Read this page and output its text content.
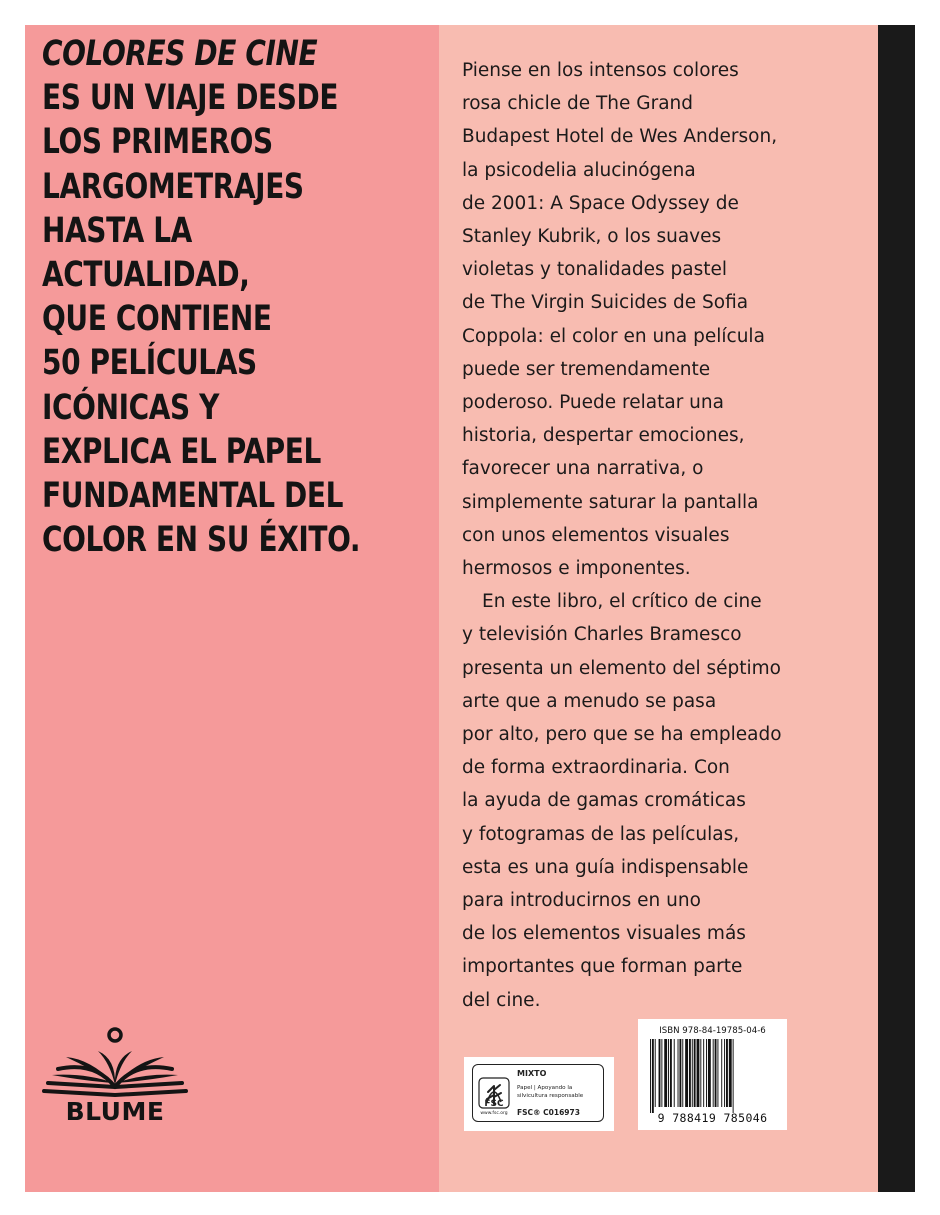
COLORES DE CINE
ES UN VIAJE DESDE
LOS PRIMEROS
LARGOMETRAJES
HASTA LA
ACTUALIDAD,
QUE CONTIENE
50 PELÍCULAS
ICÓNICAS Y
EXPLICA EL PAPEL
FUNDAMENTAL DEL
COLOR EN SU ÉXITO.
Piense en los intensos colores
rosa chicle de The Grand
Budapest Hotel de Wes Anderson,
la psicodelia alucinógena
de 2001: A Space Odyssey de
Stanley Kubrik, o los suaves
violetas y tonalidades pastel
de The Virgin Suicides de Sofia
Coppola: el color en una película
puede ser tremendamente
poderoso. Puede relatar una
historia, despertar emociones,
favorecer una narrativa, o
simplemente saturar la pantalla
con unos elementos visuales
hermosos e imponentes.
En este libro, el crítico de cine
y televisión Charles Bramesco
presenta un elemento del séptimo
arte que a menudo se pasa
por alto, pero que se ha empleado
de forma extraordinaria. Con
la ayuda de gamas cromáticas
y fotogramas de las películas,
esta es una guía indispensable
para introducirnos en uno
de los elementos visuales más
importantes que forman parte
del cine.
BLUME	FSC
www.fsc.org
MIXTO
Papel | Apoyando la silvicultura responsable
FSC® C016973
ISBN 978-84-19785-04-6
9 788419 785046
